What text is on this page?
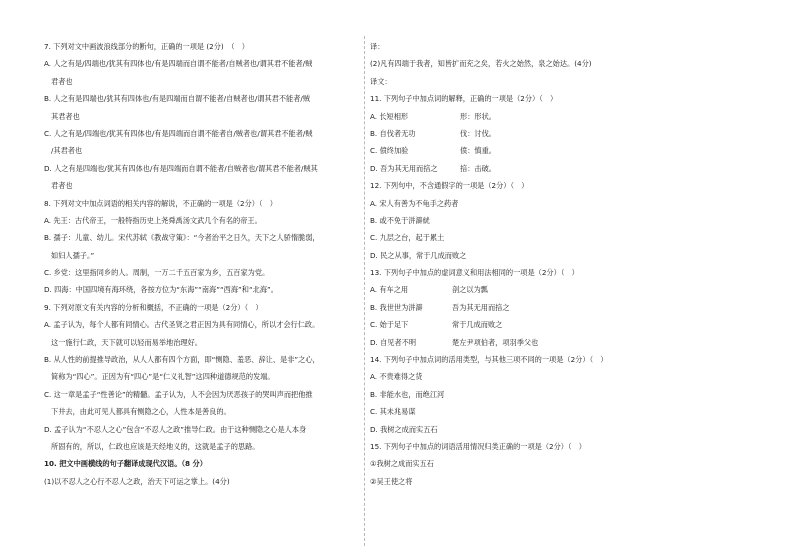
7. 下列对文中画波浪线部分的断句，正确的一项是 (2分)　（　）
A. 人之有是/四端也/犹其有四体也/有是四端而自谓不能者/自贼者也/谓其君不能者/贼
君者也
B. 人之有是四端也/犹其有四体也/有是四端而自谓不能者/自贼者也/谓其君不能者/贼
其君者也
C. 人之有是/四端也/犹其有四体也/有是四端而自谓不能者自/贼者也/谓其君不能者/贼
/其君者也
D. 人之有是四端也/犹其有四体也/有是四端而自谓不能者/自贼者也/谓其君不能者/贼其
君者也
8. 下列对文中加点词语的相关内容的解说，不正确的一项是（2分）（　）
A. 先王：古代帝王，一般特指历史上尧舜禹汤文武几个有名的帝王。
B. 孺子：儿童、幼儿。宋代苏轼《教战守策》：“今者治平之日久，天下之人骄惰脆弱，
如妇人孺子。”
C. 乡党：这里指同乡的人。周制，一万二千五百家为乡，五百家为党。
D. 四海：中国四境有海环绕，各按方位为“东海”“南海”“西海”和“北海”。
9. 下列对原文有关内容的分析和概括，不正确的一项是（2分）（　）
A. 孟子认为，每个人都有同情心。古代圣贤之君正因为具有同情心，所以才会行仁政。
这一施行仁政，天下就可以轻而易举地治理好。
B. 从人性的前提推导政治，从人人都有四个方面，即“恻隐、羞恶、辞让、是非”之心，
简称为“四心”。正因为有“四心”是“仁义礼智”这四种道德规范的发端。
C. 这一章是孟子“性善论”的精髓。孟子认为，人不会因为厌恶孩子的哭叫声而把他推
下井去，由此可见人都具有恻隐之心，人性本是善良的。
D. 孟子认为“不忍人之心”包含“不忍人之政”推导仁政。由于这种恻隐之心是人本身
所固有的，所以，仁政也应该是天经地义的，这就是孟子的思路。
10. 把文中画横线的句子翻译成现代汉语。（8 分）
(1)以不忍人之心行不忍人之政，治天下可运之掌上。(4分)
译：
(2)凡有四端于我者，知皆扩而充之矣，若火之始然，泉之始达。(4分)
译文：
11. 下列句子中加点词的解释，正确的一项是（2分）（　）
A. 长短相形	形：形状。
B. 自伐者无功	伐：讨伐。
C. 偾终加验	偾：慎重。
D. 吾为其无用而掊之	掊：击破。
12. 下列句中，不含通假字的一项是（2分）（　）
A. 宋人有善为不龟手之药者
B. 或不免于洴澼絖
C. 九层之台，起于累土
D. 民之从事，常于几成而败之
13. 下列句子中加点的虚词意义和用法相同的一项是（2分）（　）
A. 有车之用	剖之以为瓢
B. 我世世为洴澼	吾为其无用而掊之
C. 始于足下	常于几成而败之
D. 自见者不明	楚左尹项伯者，项羽季父也
14. 下列句子中加点词的活用类型，与其他三项不同的一项是（2分）（　）
A. 不贵难得之货
B. 非能水也，而绝江河
C. 其未兆易谋
D. 我树之成而实五石
15. 下列句子中加点的词语活用情况归类正确的一项是（2分）（　）
①我树之成而实五石
②吴王使之将
